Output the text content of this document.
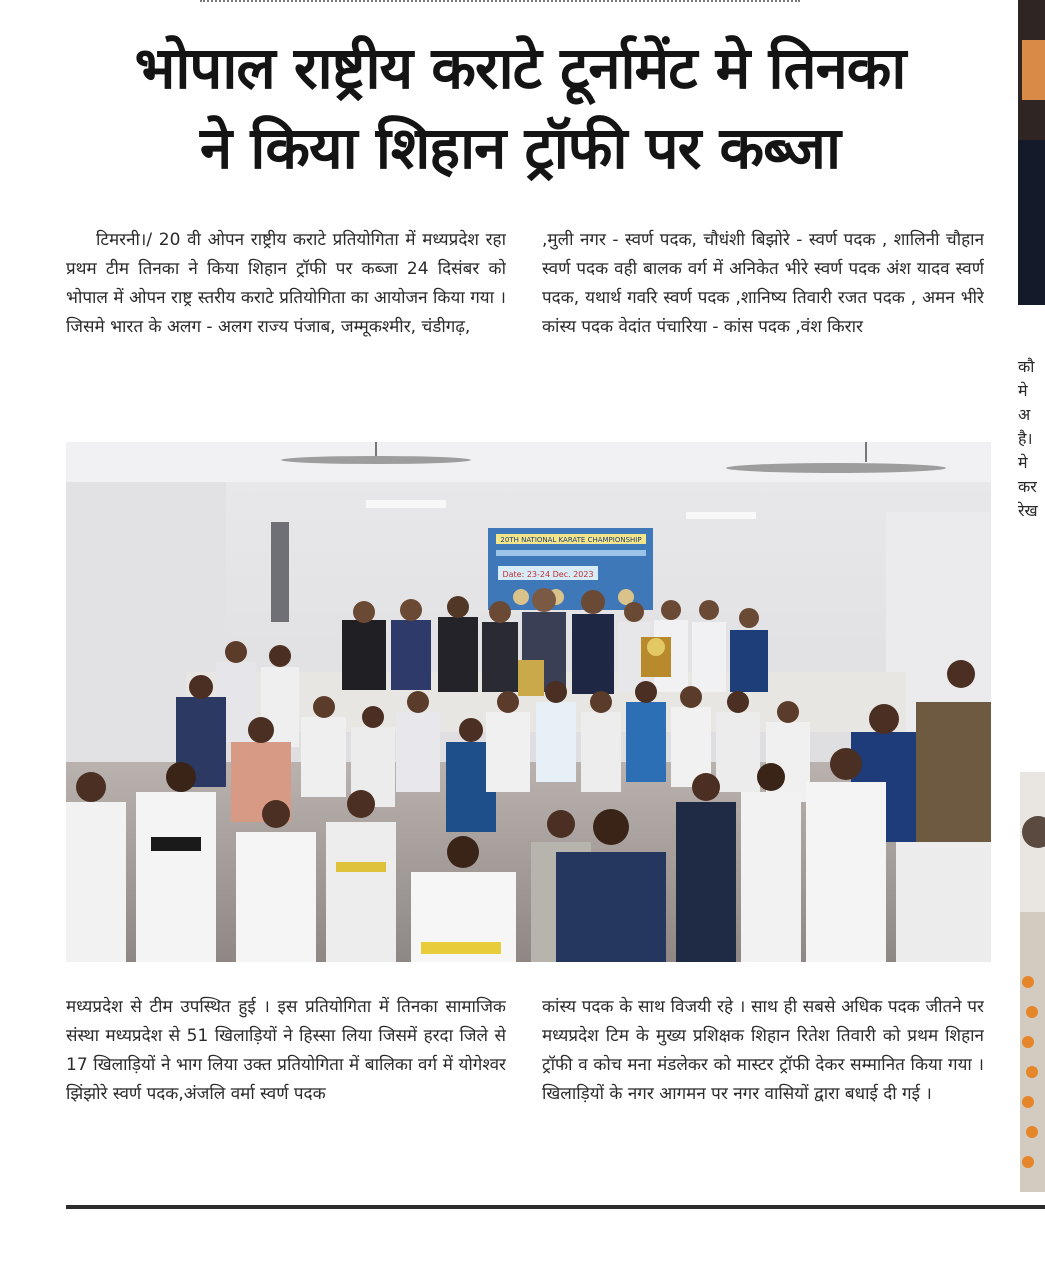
भोपाल राष्ट्रीय कराटे टूर्नामेंट मे तिनका
ने किया शिहान ट्रॉफी पर कब्जा

टिमरनी।/ 20 वी ओपन राष्ट्रीय कराटे प्रतियोगिता में मध्यप्रदेश रहा प्रथम टीम तिनका ने किया शिहान ट्रॉफी पर कब्जा 24 दिसंबर को भोपाल में ओपन राष्ट्र स्तरीय कराटे प्रतियोगिता का आयोजन किया गया । जिसमे भारत के अलग - अलग राज्य पंजाब, जम्मूकश्मीर, चंडीगढ़,

,मुली नगर - स्वर्ण पदक, चौधंशी बिझोरे - स्वर्ण पदक , शालिनी चौहान स्वर्ण पदक वही बालक वर्ग में अनिकेत भीरे स्वर्ण पदक अंश यादव स्वर्ण पदक, यथार्थ गवरि स्वर्ण पदक ,शानिष्य तिवारी रजत पदक , अमन भीरे कांस्य पदक वेदांत पंचारिया - कांस पदक ,वंश किरार

20TH NATIONAL KARATE CHAMPIONSHIP
Date: 23-24 Dec. 2023

मध्यप्रदेश से टीम उपस्थित हुई । इस प्रतियोगिता में तिनका सामाजिक संस्था मध्यप्रदेश से 51 खिलाड़ियों ने हिस्सा लिया जिसमें हरदा जिले से 17 खिलाड़ियों ने भाग लिया उक्त प्रतियोगिता में बालिका वर्ग में योगेश्वर झिंझोरे स्वर्ण पदक,अंजलि वर्मा स्वर्ण पदक

कांस्य पदक के साथ विजयी रहे । साथ ही सबसे अधिक पदक जीतने पर मध्यप्रदेश टिम के मुख्य प्रशिक्षक शिहान रितेश तिवारी को प्रथम शिहान ट्रॉफी व कोच मना मंडलेकर को मास्टर ट्रॉफी देकर सम्मानित किया गया । खिलाड़ियों के नगर आगमन पर नगर वासियों द्वारा बधाई दी गई ।

कौ
मे
अ
है।
मे
कर
रेख
